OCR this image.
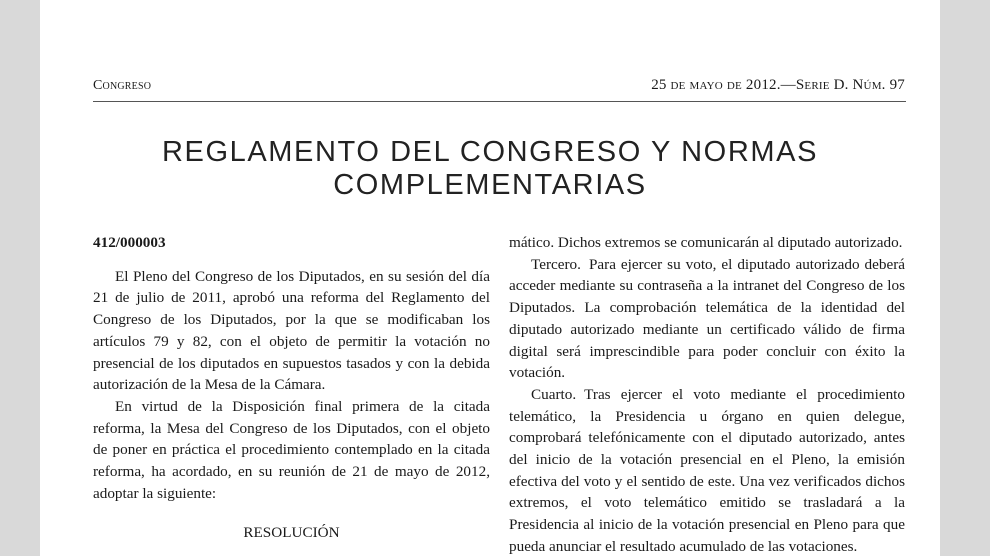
Congreso	25 de mayo de 2012.—Serie D. Núm. 97
REGLAMENTO DEL CONGRESO Y NORMAS
COMPLEMENTARIAS

412/000003

El Pleno del Congreso de los Diputados, en su sesión del día 21 de julio de 2011, aprobó una reforma del Reglamento del Congreso de los Diputados, por la que se modificaban los artículos 79 y 82, con el objeto de permitir la votación no presencial de los diputados en supuestos tasados y con la debida autorización de la Mesa de la Cámara.

En virtud de la Disposición final primera de la citada reforma, la Mesa del Congreso de los Diputados, con el objeto de poner en práctica el procedimiento contemplado en la citada reforma, ha acordado, en su reunión de 21 de mayo de 2012, adoptar la siguiente:

RESOLUCIÓN

mático. Dichos extremos se comunicarán al diputado autorizado.

Tercero. Para ejercer su voto, el diputado autorizado deberá acceder mediante su contraseña a la intranet del Congreso de los Diputados. La comprobación telemática de la identidad del diputado autorizado mediante un certificado válido de firma digital será imprescindible para poder concluir con éxito la votación.

Cuarto. Tras ejercer el voto mediante el procedimiento telemático, la Presidencia u órgano en quien delegue, comprobará telefónicamente con el diputado autorizado, antes del inicio de la votación presencial en el Pleno, la emisión efectiva del voto y el sentido de este. Una vez verificados dichos extremos, el voto telemático emitido se trasladará a la Presidencia al inicio de la votación presencial en Pleno para que pueda anunciar el resultado acumulado de las votaciones.
